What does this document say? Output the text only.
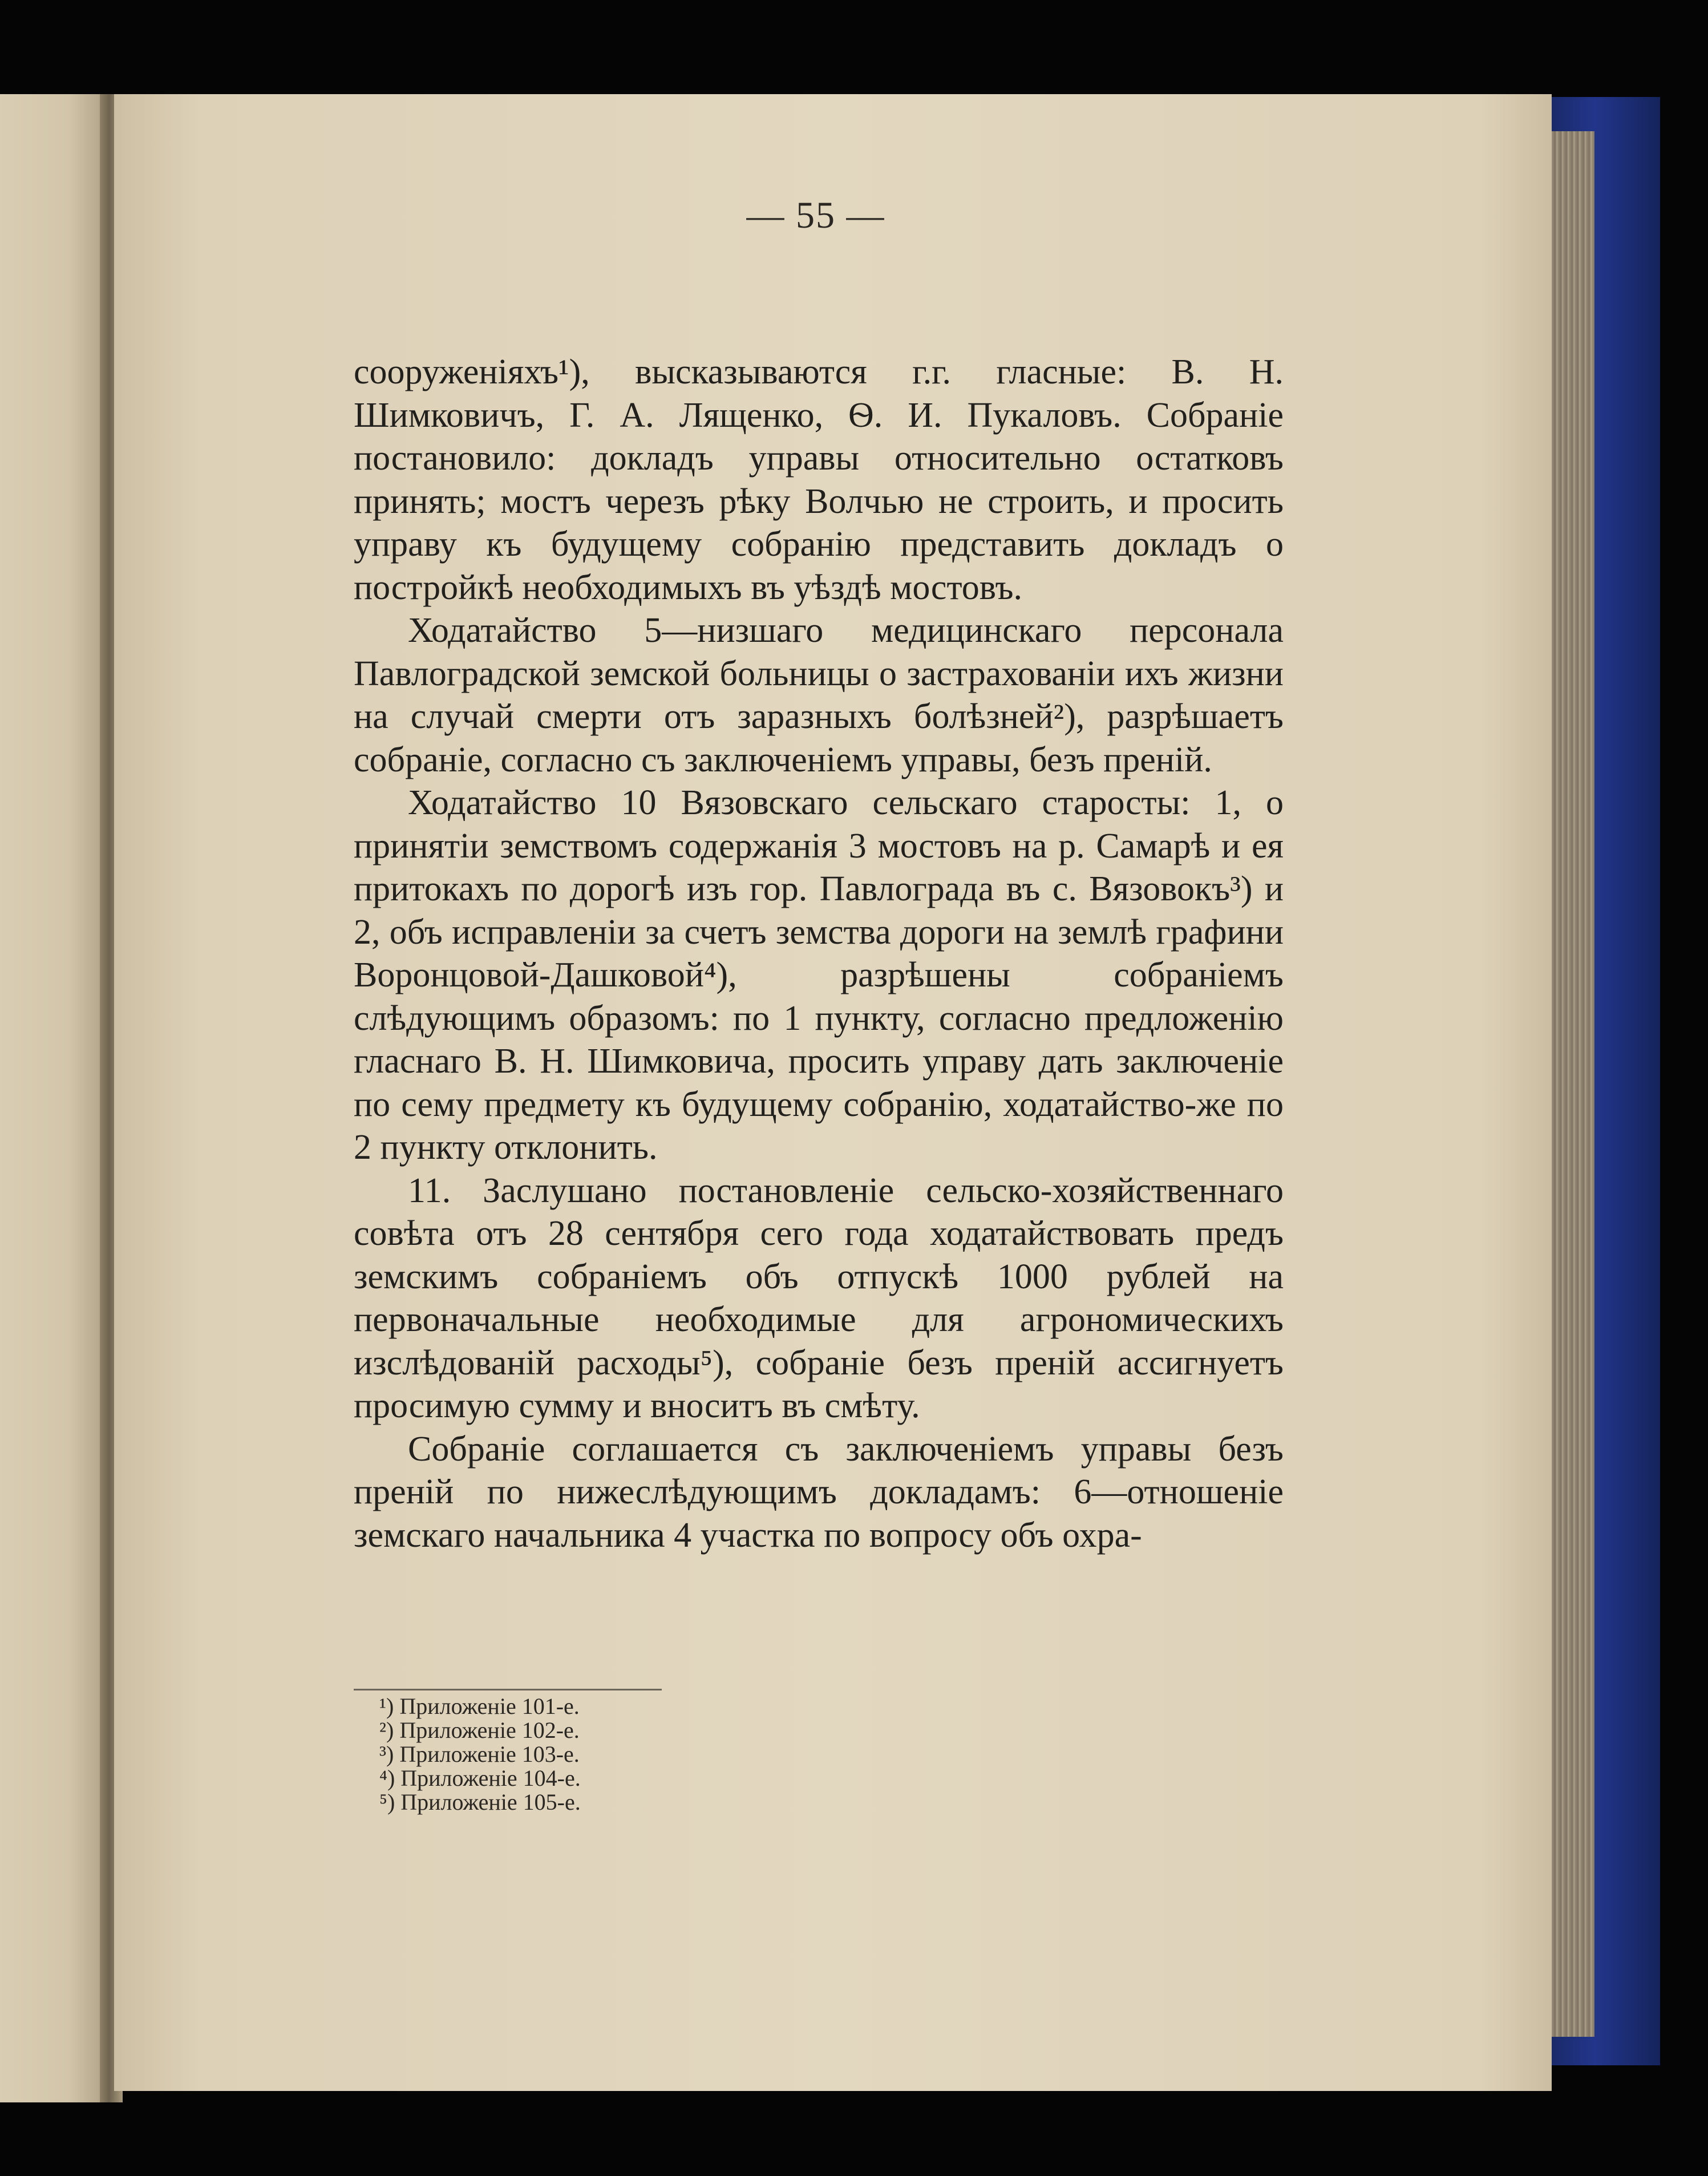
— 55 —

сооруженіяхъ¹), высказываются г.г. гласные: В. Н. Шимковичъ, Г. А. Лященко, Ѳ. И. Пукаловъ. Собраніе постановило: докладъ управы относительно остатковъ принять; мостъ черезъ рѣку Волчью не строить, и просить управу къ будущему собранію представить докладъ о постройкѣ необходимыхъ въ уѣздѣ мостовъ.

Ходатайство 5—низшаго медицинскаго персонала Павлоградской земской больницы о застрахованіи ихъ жизни на случай смерти отъ заразныхъ болѣзней²), разрѣшаетъ собраніе, согласно съ заключеніемъ управы, безъ преній.

Ходатайство 10 Вязовскаго сельскаго старосты: 1, о принятіи земствомъ содержанія 3 мостовъ на р. Самарѣ и ея притокахъ по дорогѣ изъ гор. Павлограда въ с. Вязовокъ³) и 2, объ исправленіи за счетъ земства дороги на землѣ графини Воронцовой-Дашковой⁴), разрѣшены собраніемъ слѣдующимъ образомъ: по 1 пункту, согласно предложенію гласнаго В. Н. Шимковича, просить управу дать заключеніе по сему предмету къ будущему собранію, ходатайство-же по 2 пункту отклонить.

11. Заслушано постановленіе сельско-хозяйственнаго совѣта отъ 28 сентября сего года ходатайствовать предъ земскимъ собраніемъ объ отпускѣ 1000 рублей на первоначальные необходимые для агрономическихъ изслѣдованій расходы⁵), собраніе безъ преній ассигнуетъ просимую сумму и вноситъ въ смѣту.

Собраніе соглашается съ заключеніемъ управы безъ преній по нижеслѣдующимъ докладамъ: 6—отношеніе земскаго начальника 4 участка по вопросу объ охра-

¹) Приложеніе 101-е.

²) Приложеніе 102-е.

³) Приложеніе 103-е.

⁴) Приложеніе 104-е.

⁵) Приложеніе 105-е.
